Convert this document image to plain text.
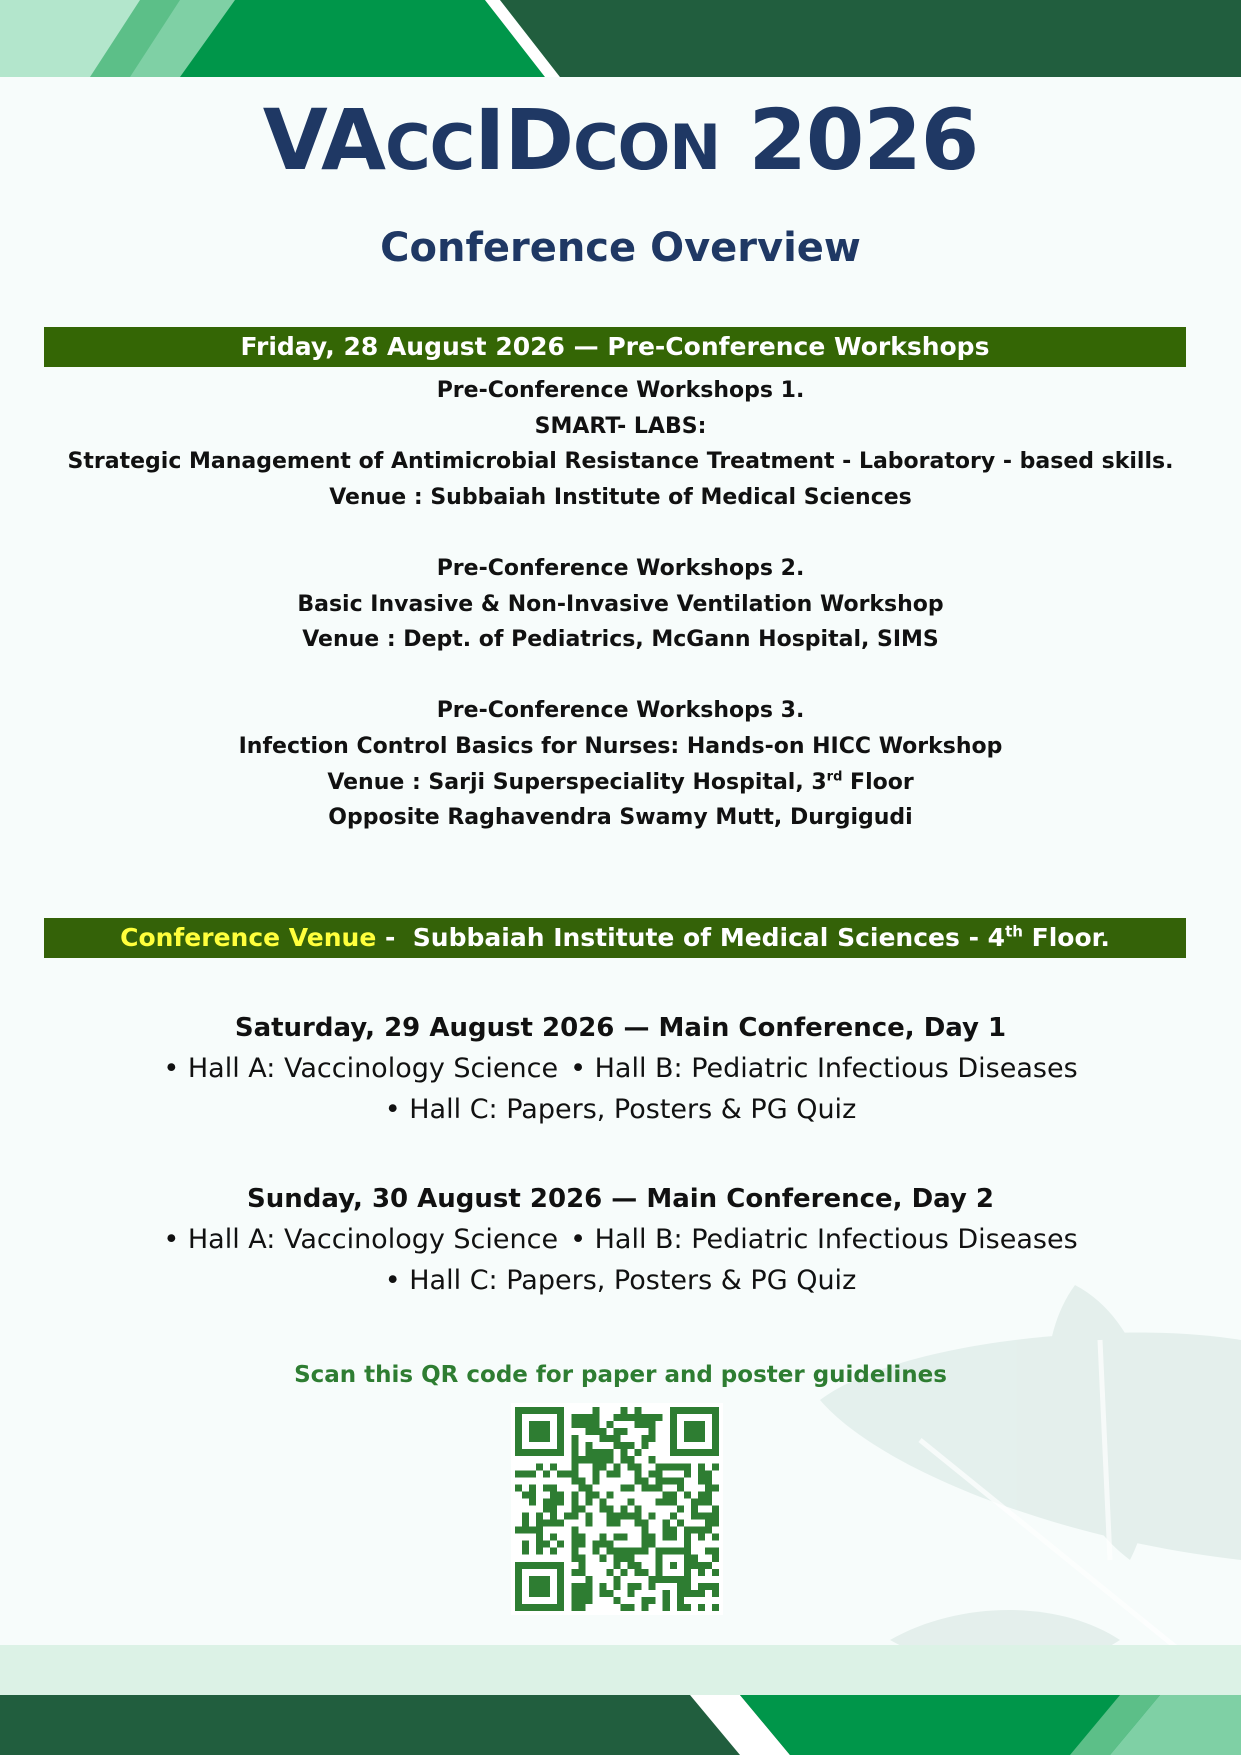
VACCIDCON 2026
Conference Overview
Friday, 28 August 2026 — Pre-Conference Workshops

Pre-Conference Workshops 1.

SMART- LABS:

Strategic Management of Antimicrobial Resistance Treatment - Laboratory - based skills.

Venue : Subbaiah Institute of Medical Sciences

Pre-Conference Workshops 2.

Basic Invasive & Non-Invasive Ventilation Workshop

Venue : Dept. of Pediatrics, McGann Hospital, SIMS

Pre-Conference Workshops 3.

Infection Control Basics for Nurses: Hands-on HICC Workshop

Venue : Sarji Superspeciality Hospital, 3rd Floor

Opposite Raghavendra Swamy Mutt, Durgigudi

Conference Venue -  Subbaiah Institute of Medical Sciences - 4th Floor.

Saturday, 29 August 2026 — Main Conference, Day 1

• Hall A: Vaccinology Science • Hall B: Pediatric Infectious Diseases

• Hall C: Papers, Posters & PG Quiz

Sunday, 30 August 2026 — Main Conference, Day 2

• Hall A: Vaccinology Science • Hall B: Pediatric Infectious Diseases

• Hall C: Papers, Posters & PG Quiz

Scan this QR code for paper and poster guidelines
